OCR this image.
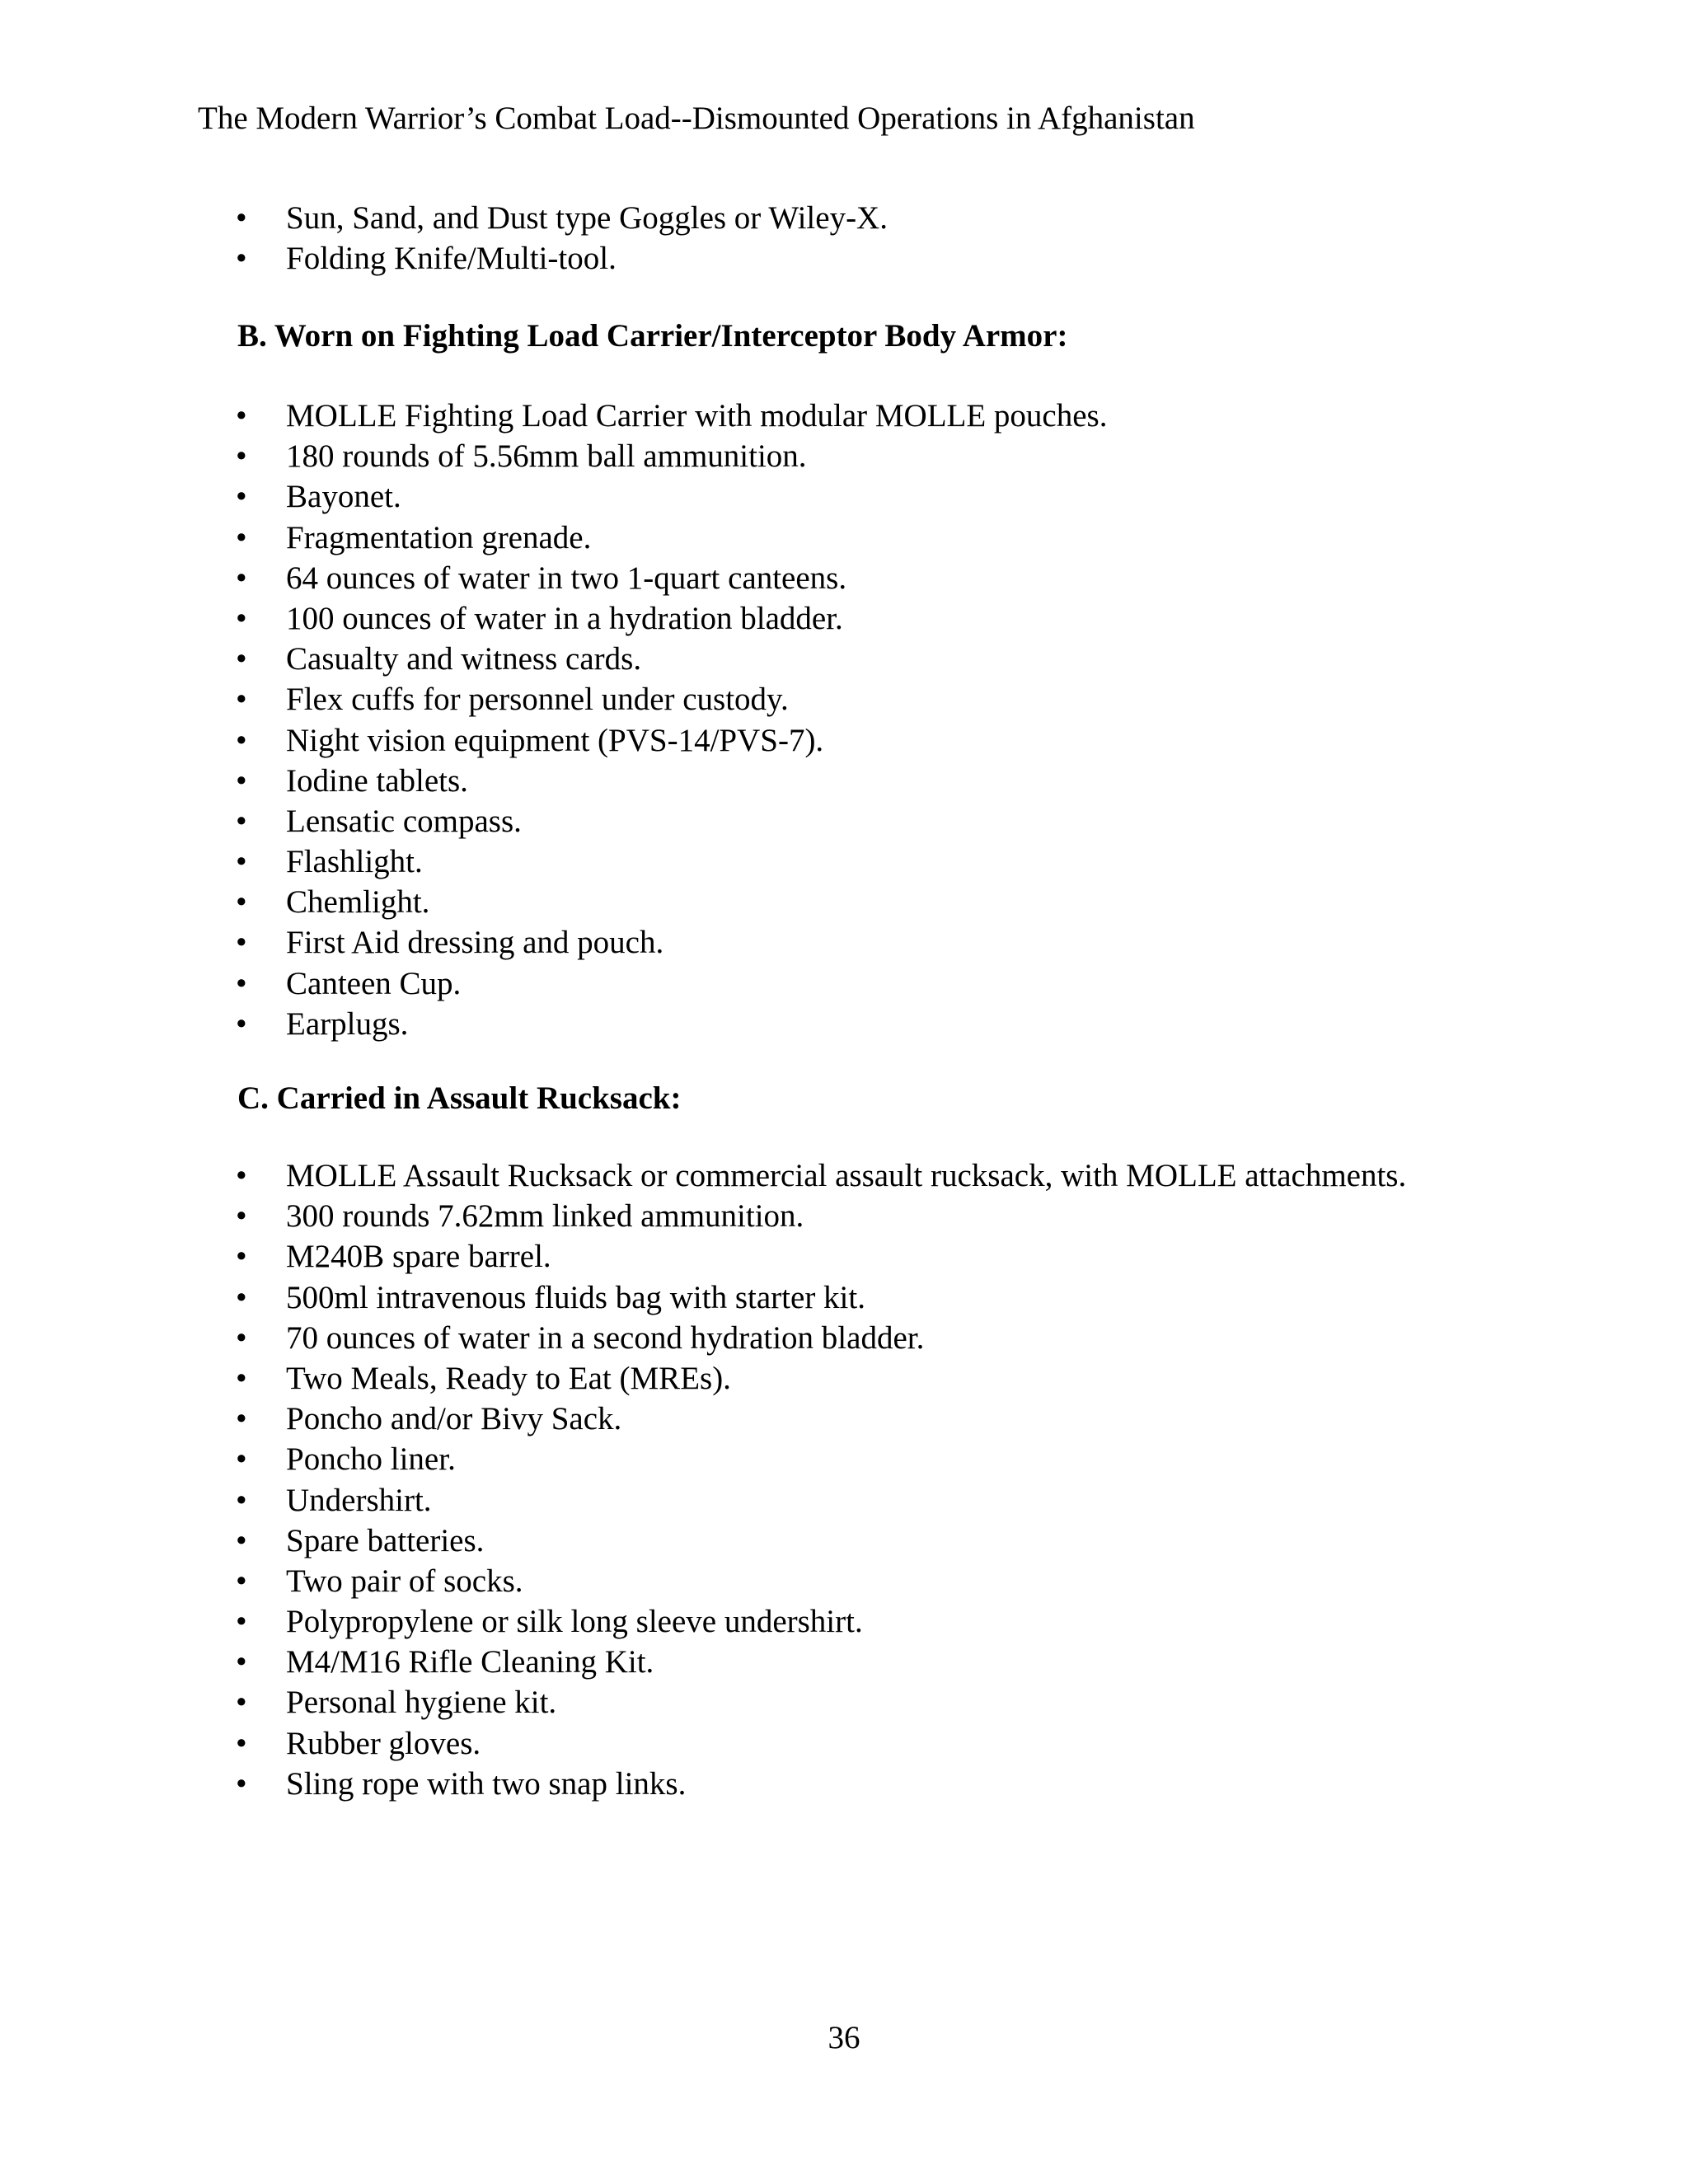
The Modern Warrior’s Combat Load--Dismounted Operations in Afghanistan
• Sun, Sand, and Dust type Goggles or Wiley-X.
• Folding Knife/Multi-tool.
B. Worn on Fighting Load Carrier/Interceptor Body Armor:
• MOLLE Fighting Load Carrier with modular MOLLE pouches.
• 180 rounds of 5.56mm ball ammunition.
• Bayonet.
• Fragmentation grenade.
• 64 ounces of water in two 1-quart canteens.
• 100 ounces of water in a hydration bladder.
• Casualty and witness cards.
• Flex cuffs for personnel under custody.
• Night vision equipment (PVS-14/PVS-7).
• Iodine tablets.
• Lensatic compass.
• Flashlight.
• Chemlight.
• First Aid dressing and pouch.
• Canteen Cup.
• Earplugs.
C. Carried in Assault Rucksack:
• MOLLE Assault Rucksack or commercial assault rucksack, with MOLLE attachments.
• 300 rounds 7.62mm linked ammunition.
• M240B spare barrel.
• 500ml intravenous fluids bag with starter kit.
• 70 ounces of water in a second hydration bladder.
• Two Meals, Ready to Eat (MREs).
• Poncho and/or Bivy Sack.
• Poncho liner.
• Undershirt.
• Spare batteries.
• Two pair of socks.
• Polypropylene or silk long sleeve undershirt.
• M4/M16 Rifle Cleaning Kit.
• Personal hygiene kit.
• Rubber gloves.
• Sling rope with two snap links.
36
